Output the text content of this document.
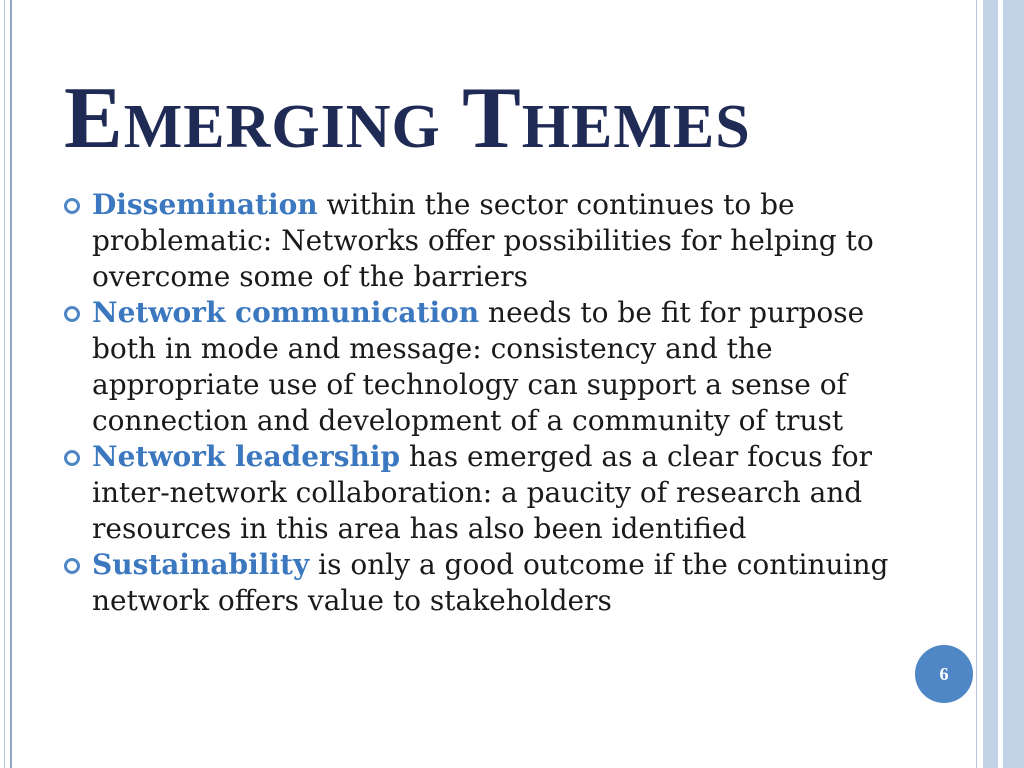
Emerging Themes
Dissemination within the sector continues to be problematic: Networks offer possibilities for helping to overcome some of the barriers
Network communication needs to be fit for purpose both in mode and message: consistency and the appropriate use of technology can support a sense of connection and development of a community of trust
Network leadership has emerged as a clear focus for inter-network collaboration: a paucity of research and resources in this area has also been identified
Sustainability is only a good outcome if the continuing network offers value to stakeholders
6
